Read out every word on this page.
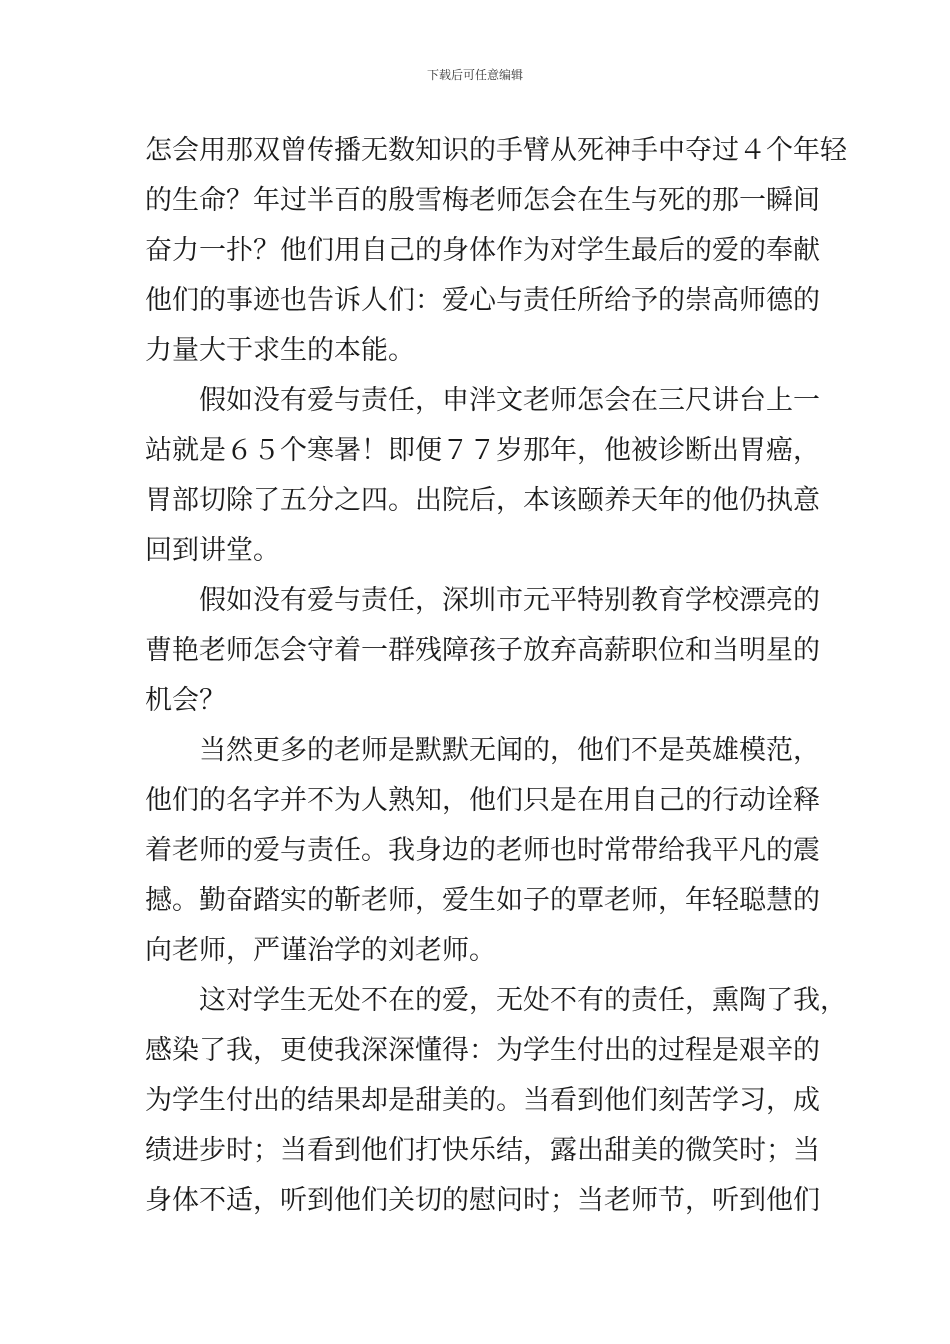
下载后可任意编辑
怎会用那双曾传播无数知识的手臂从死神手中夺过４个年轻
的生命？年过半百的殷雪梅老师怎会在生与死的那一瞬间
奋力一扑？他们用自己的身体作为对学生最后的爱的奉献
他们的事迹也告诉人们：爱心与责任所给予的崇高师德的
力量大于求生的本能。
　　假如没有爱与责任，申泮文老师怎会在三尺讲台上一
站就是６５个寒暑！即便７７岁那年，他被诊断出胃癌，
胃部切除了五分之四。出院后，本该颐养天年的他仍执意
回到讲堂。
　　假如没有爱与责任，深圳市元平特别教育学校漂亮的
曹艳老师怎会守着一群残障孩子放弃高薪职位和当明星的
机会？
　　当然更多的老师是默默无闻的，他们不是英雄模范，
他们的名字并不为人熟知，他们只是在用自己的行动诠释
着老师的爱与责任。我身边的老师也时常带给我平凡的震
撼。勤奋踏实的靳老师，爱生如子的覃老师，年轻聪慧的
向老师，严谨治学的刘老师。
　　这对学生无处不在的爱，无处不有的责任，熏陶了我，
感染了我，更使我深深懂得：为学生付出的过程是艰辛的
为学生付出的结果却是甜美的。当看到他们刻苦学习，成
绩进步时；当看到他们打快乐结，露出甜美的微笑时；当
身体不适，听到他们关切的慰问时；当老师节，听到他们
